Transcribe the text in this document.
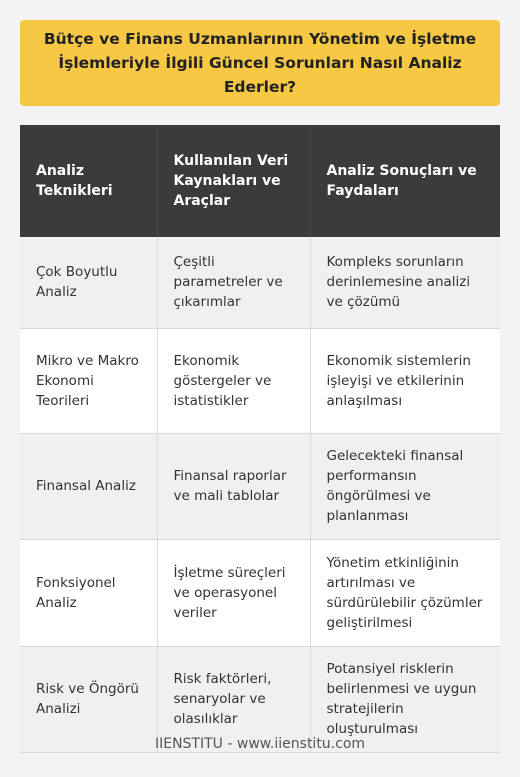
Bütçe ve Finans Uzmanlarının Yönetim ve İşletme İşlemleriyle İlgili Güncel Sorunları Nasıl Analiz Ederler?
Analiz Teknikleri	Kullanılan Veri Kaynakları ve Araçlar	Analiz Sonuçları ve Faydaları
Çok Boyutlu Analiz	Çeşitli parametreler ve çıkarımlar	Kompleks sorunların derinlemesine analizi ve çözümü
Mikro ve Makro Ekonomi Teorileri	Ekonomik göstergeler ve istatistikler	Ekonomik sistemlerin işleyişi ve etkilerinin anlaşılması
Finansal Analiz	Finansal raporlar ve mali tablolar	Gelecekteki finansal performansın öngörülmesi ve planlanması
Fonksiyonel Analiz	İşletme süreçleri ve operasyonel veriler	Yönetim etkinliğinin artırılması ve sürdürülebilir çözümler geliştirilmesi
Risk ve Öngörü Analizi	Risk faktörleri, senaryolar ve olasılıklar	Potansiyel risklerin belirlenmesi ve uygun stratejilerin oluşturulması
IIENSTITU - www.iienstitu.com
